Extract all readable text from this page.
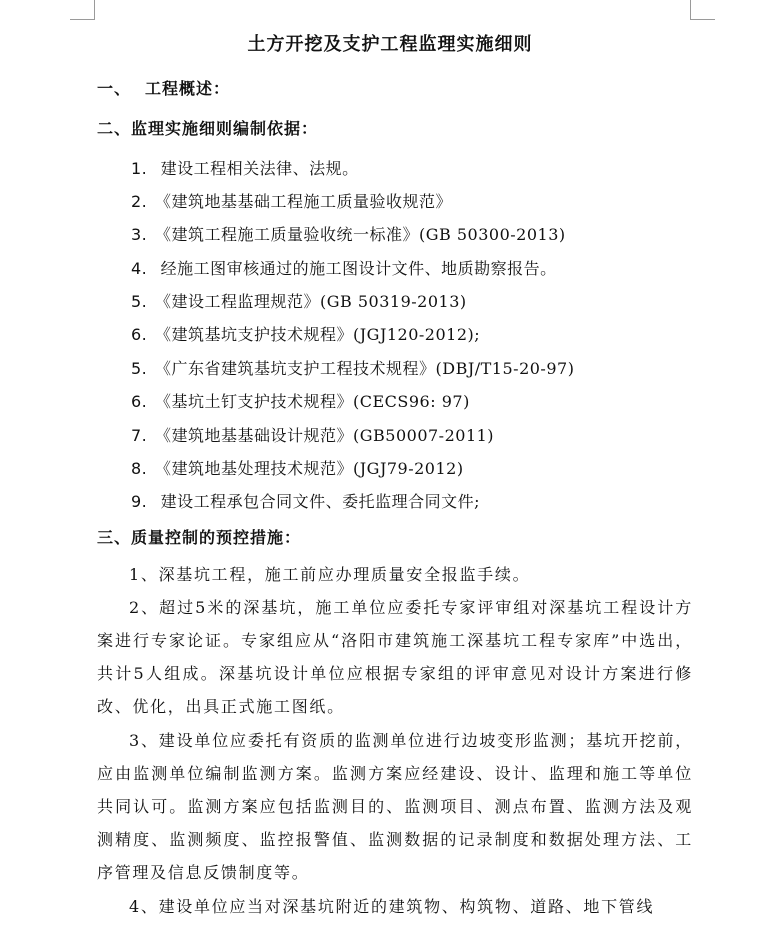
土方开挖及支护工程监理实施细则
一、 工程概述：
二、监理实施细则编制依据：
1. 建设工程相关法律、法规。
2. 《建筑地基基础工程施工质量验收规范》
3. 《建筑工程施工质量验收统一标准》(GB 50300-2013)
4. 经施工图审核通过的施工图设计文件、地质勘察报告。
5. 《建设工程监理规范》(GB 50319-2013)
6. 《建筑基坑支护技术规程》(JGJ120-2012);
5. 《广东省建筑基坑支护工程技术规程》(DBJ/T15-20-97)
6. 《基坑土钉支护技术规程》(CECS96: 97)
7. 《建筑地基基础设计规范》(GB50007-2011)
8. 《建筑地基处理技术规范》(JGJ79-2012)
9. 建设工程承包合同文件、委托监理合同文件;
三、质量控制的预控措施：
1、深基坑工程，施工前应办理质量安全报监手续。
2、超过5米的深基坑，施工单位应委托专家评审组对深基坑工程设计方案进行专家论证。专家组应从“洛阳市建筑施工深基坑工程专家库”中选出，共计5人组成。深基坑设计单位应根据专家组的评审意见对设计方案进行修改、优化，出具正式施工图纸。
3、建设单位应委托有资质的监测单位进行边坡变形监测；基坑开挖前，应由监测单位编制监测方案。监测方案应经建设、设计、监理和施工等单位共同认可。监测方案应包括监测目的、监测项目、测点布置、监测方法及观测精度、监测频度、监控报警值、监测数据的记录制度和数据处理方法、工序管理及信息反馈制度等。
4、建设单位应当对深基坑附近的建筑物、构筑物、道路、地下管线
